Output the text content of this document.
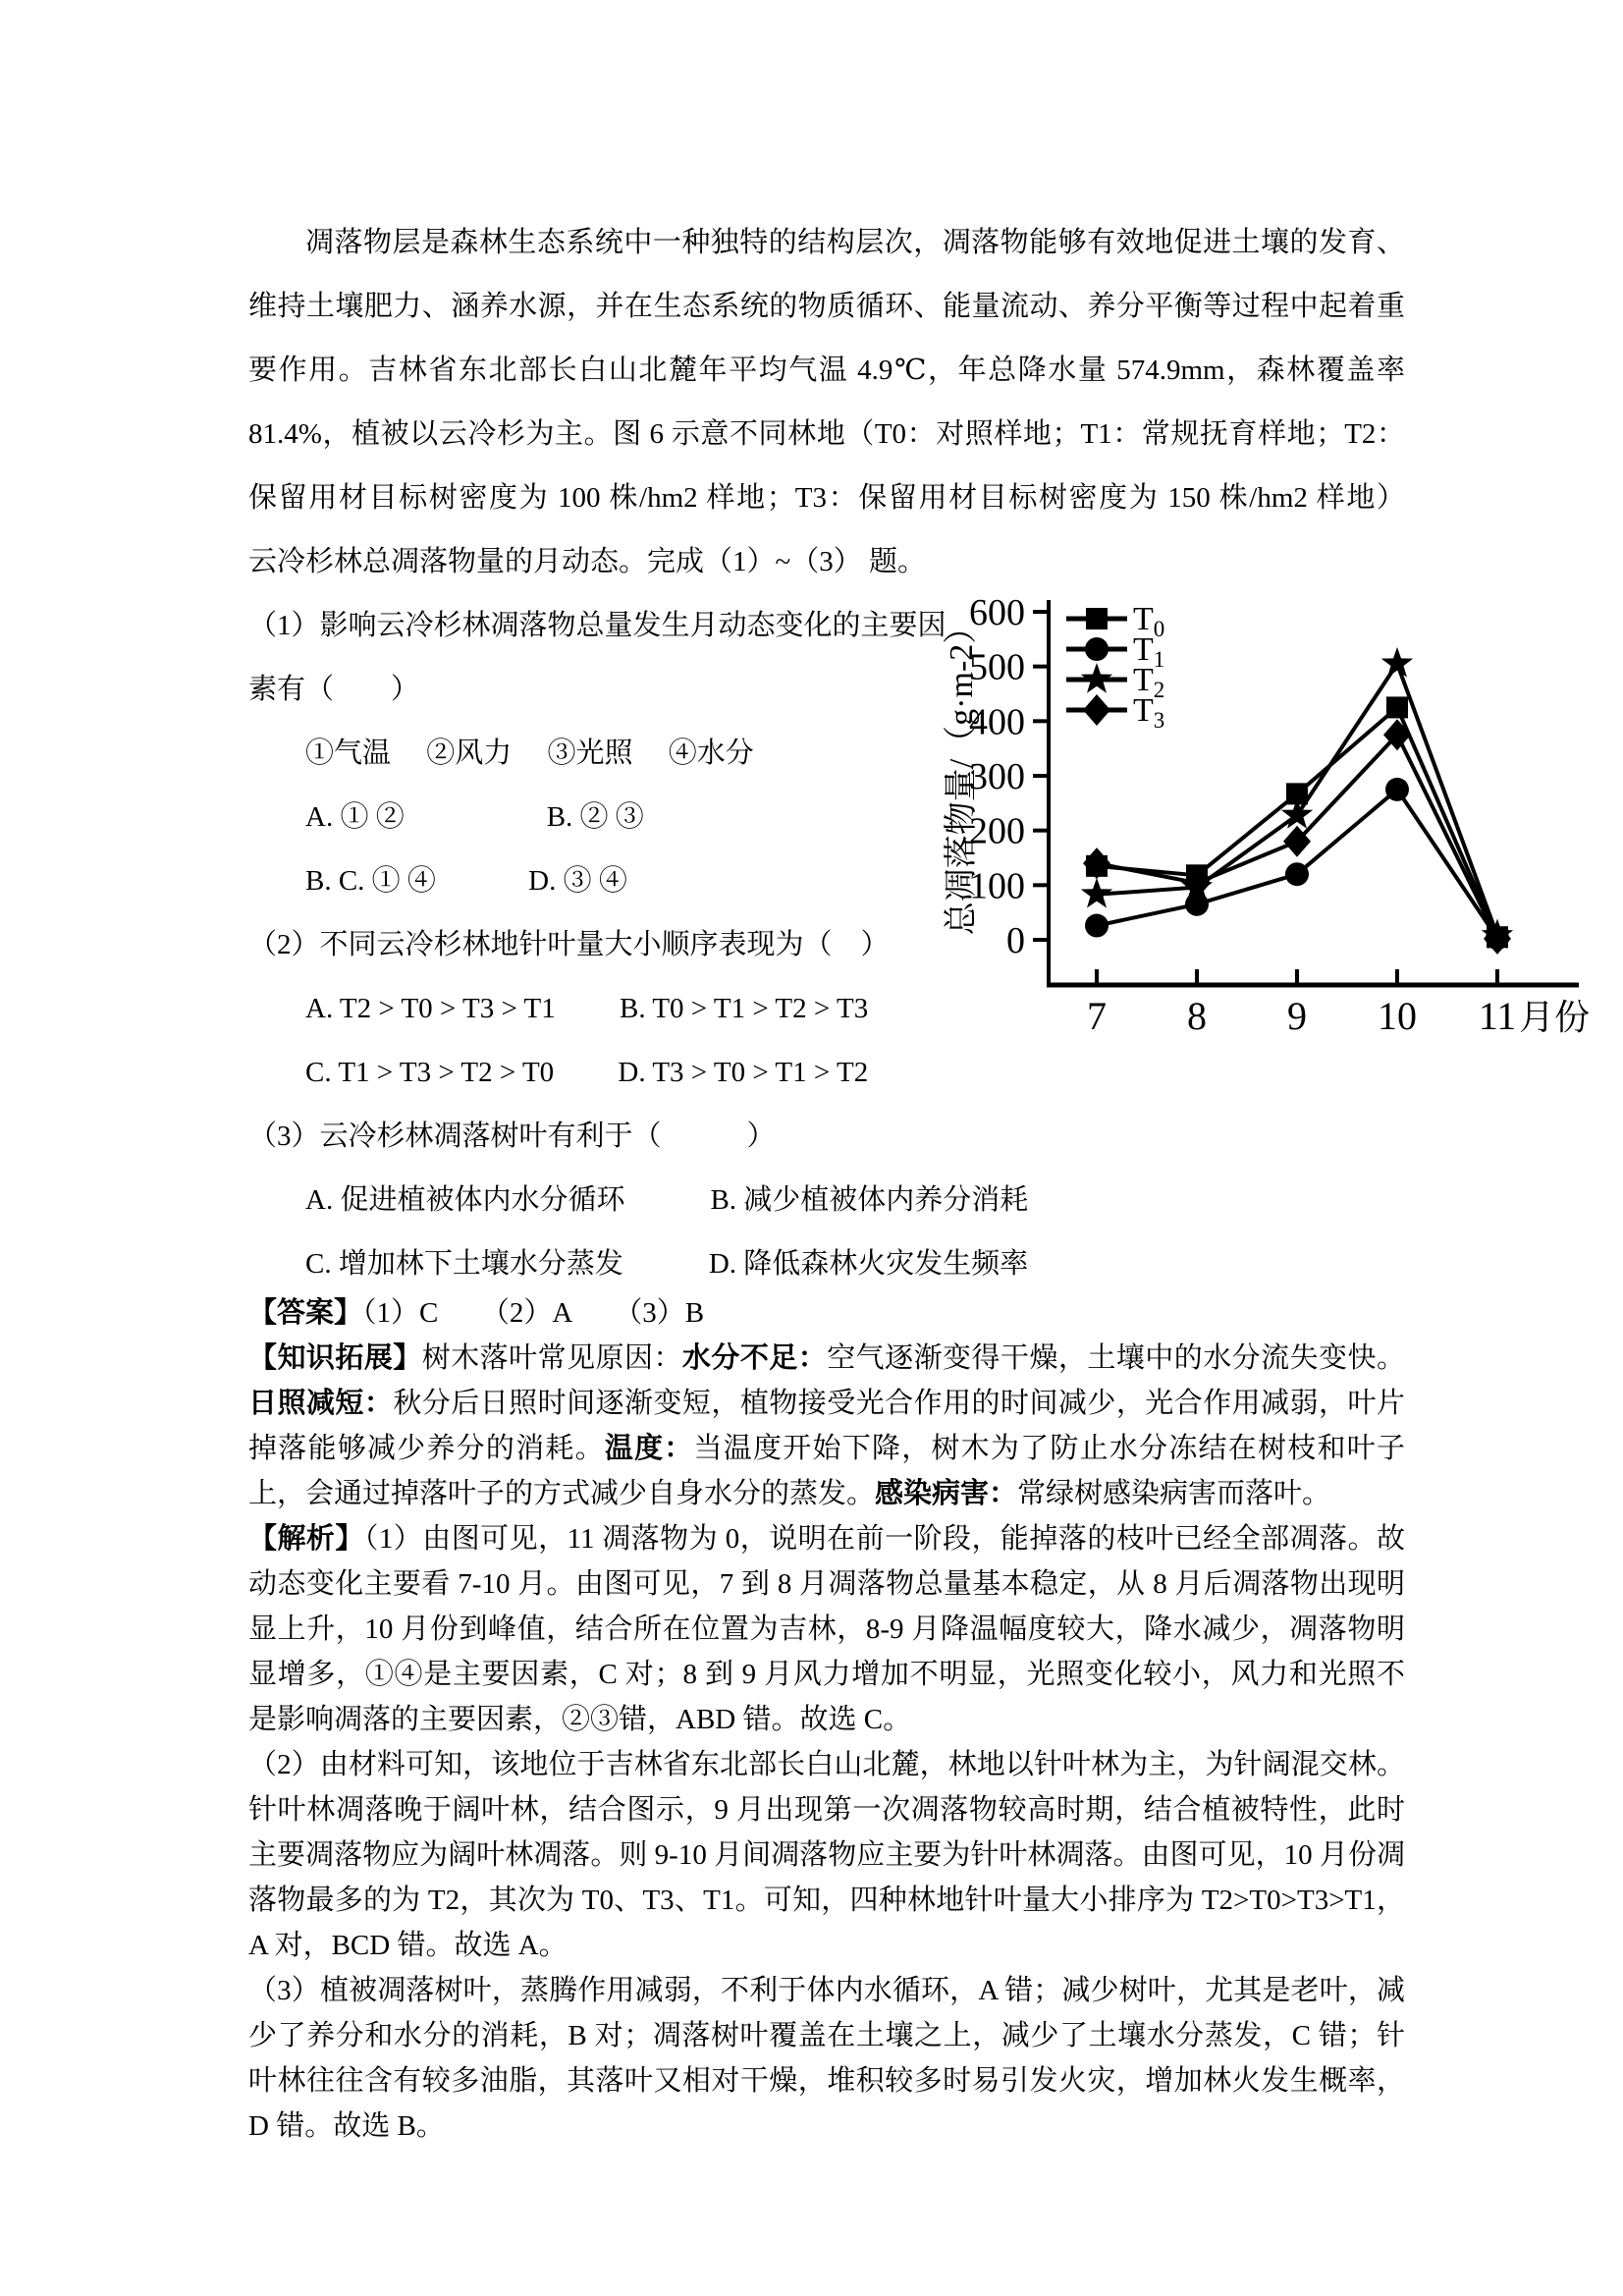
凋落物层是森林生态系统中一种独特的结构层次，凋落物能够有效地促进土壤的发育、
维持土壤肥力、涵养水源，并在生态系统的物质循环、能量流动、养分平衡等过程中起着重
要作用。吉林省东北部长白山北麓年平均气温 4.9℃，年总降水量 574.9mm，森林覆盖率
81.4%，植被以云冷杉为主。图 6 示意不同林地（T0：对照样地；T1：常规抚育样地；T2：
保留用材目标树密度为 100 株/hm2 样地；T3：保留用材目标树密度为 150 株/hm2 样地）
云冷杉林总凋落物量的月动态。完成（1）~（3） 题。
（1）影响云冷杉林凋落物总量发生月动态变化的主要因
素有（　　）
　　①气温　 ②风力　 ③光照　 ④水分
　　A. ① ②　　　　　B. ② ③
　　B. C. ① ④　　　 D. ③ ④
（2）不同云冷杉林地针叶量大小顺序表现为（　）
　　A. T2 > T0 > T3 > T1　　 B. T0 > T1 > T2 > T3
　　C. T1 > T3 > T2 > T0　　 D. T3 > T0 > T1 > T2
（3）云冷杉林凋落树叶有利于（　　　）
　　A. 促进植被体内水分循环　　　B. 减少植被体内养分消耗
　　C. 增加林下土壤水分蒸发　　　D. 降低森林火灾发生频率

【答案】（1）C　　（2）A　　（3）B

【知识拓展】树木落叶常见原因：水分不足：空气逐渐变得干燥，土壤中的水分流失变快。日照减短：秋分后日照时间逐渐变短，植物接受光合作用的时间减少，光合作用减弱，叶片掉落能够减少养分的消耗。温度：当温度开始下降，树木为了防止水分冻结在树枝和叶子上，会通过掉落叶子的方式减少自身水分的蒸发。感染病害：常绿树感染病害而落叶。

【解析】（1）由图可见，11 凋落物为 0，说明在前一阶段，能掉落的枝叶已经全部凋落。故动态变化主要看 7-10 月。由图可见，7 到 8 月凋落物总量基本稳定，从 8 月后凋落物出现明显上升，10 月份到峰值，结合所在位置为吉林，8-9 月降温幅度较大，降水减少，凋落物明显增多，①④是主要因素，C 对；8 到 9 月风力增加不明显，光照变化较小，风力和光照不是影响凋落的主要因素，②③错，ABD 错。故选 C。

（2）由材料可知，该地位于吉林省东北部长白山北麓，林地以针叶林为主，为针阔混交林。针叶林凋落晚于阔叶林，结合图示，9 月出现第一次凋落物较高时期，结合植被特性，此时主要凋落物应为阔叶林凋落。则 9-10 月间凋落物应主要为针叶林凋落。由图可见，10 月份凋落物最多的为 T2，其次为 T0、T3、T1。可知，四种林地针叶量大小排序为 T2>T0>T3>T1，A 对，BCD 错。故选 A。

（3）植被凋落树叶，蒸腾作用减弱，不利于体内水循环，A 错；减少树叶，尤其是老叶，减少了养分和水分的消耗，B 对；凋落树叶覆盖在土壤之上，减少了土壤水分蒸发，C 错；针叶林往往含有较多油脂，其落叶又相对干燥，堆积较多时易引发火灾，增加林火发生概率，D 错。故选 B。

0
100
200
300
400
500
600
7 8 9 10 11 月份
总凋落物量/（g·m-2）	$T_0$
$T_1$
$T_2$
$T_3$
